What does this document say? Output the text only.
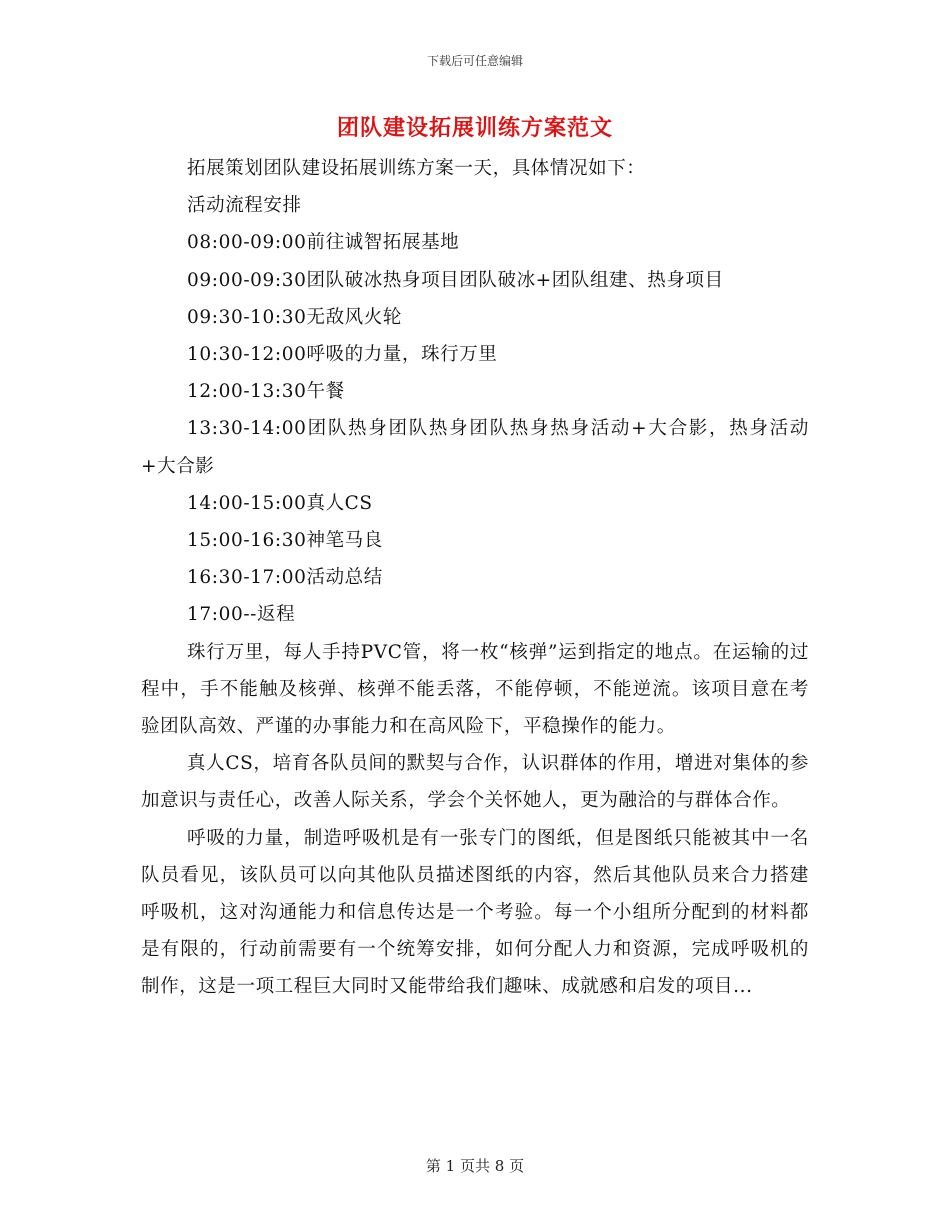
下载后可任意编辑
团队建设拓展训练方案范文

拓展策划团队建设拓展训练方案一天，具体情况如下：

活动流程安排

08:00-09:00前往诚智拓展基地

09:00-09:30团队破冰热身项目团队破冰+团队组建、热身项目

09:30-10:30无敌风火轮

10:30-12:00呼吸的力量，珠行万里

12:00-13:30午餐

13:30-14:00团队热身团队热身团队热身热身活动+大合影，热身活动+大合影

14:00-15:00真人CS

15:00-16:30神笔马良

16:30-17:00活动总结

17:00--返程

珠行万里，每人手持PVC管，将一枚“核弹”运到指定的地点。在运输的过程中，手不能触及核弹、核弹不能丢落，不能停顿，不能逆流。该项目意在考验团队高效、严谨的办事能力和在高风险下，平稳操作的能力。

真人CS，培育各队员间的默契与合作，认识群体的作用，增进对集体的参加意识与责任心，改善人际关系，学会个关怀她人，更为融洽的与群体合作。

呼吸的力量，制造呼吸机是有一张专门的图纸，但是图纸只能被其中一名队员看见，该队员可以向其他队员描述图纸的内容，然后其他队员来合力搭建呼吸机，这对沟通能力和信息传达是一个考验。每一个小组所分配到的材料都是有限的，行动前需要有一个统筹安排，如何分配人力和资源，完成呼吸机的制作，这是一项工程巨大同时又能带给我们趣味、成就感和启发的项目...

第 1 页共 8 页
